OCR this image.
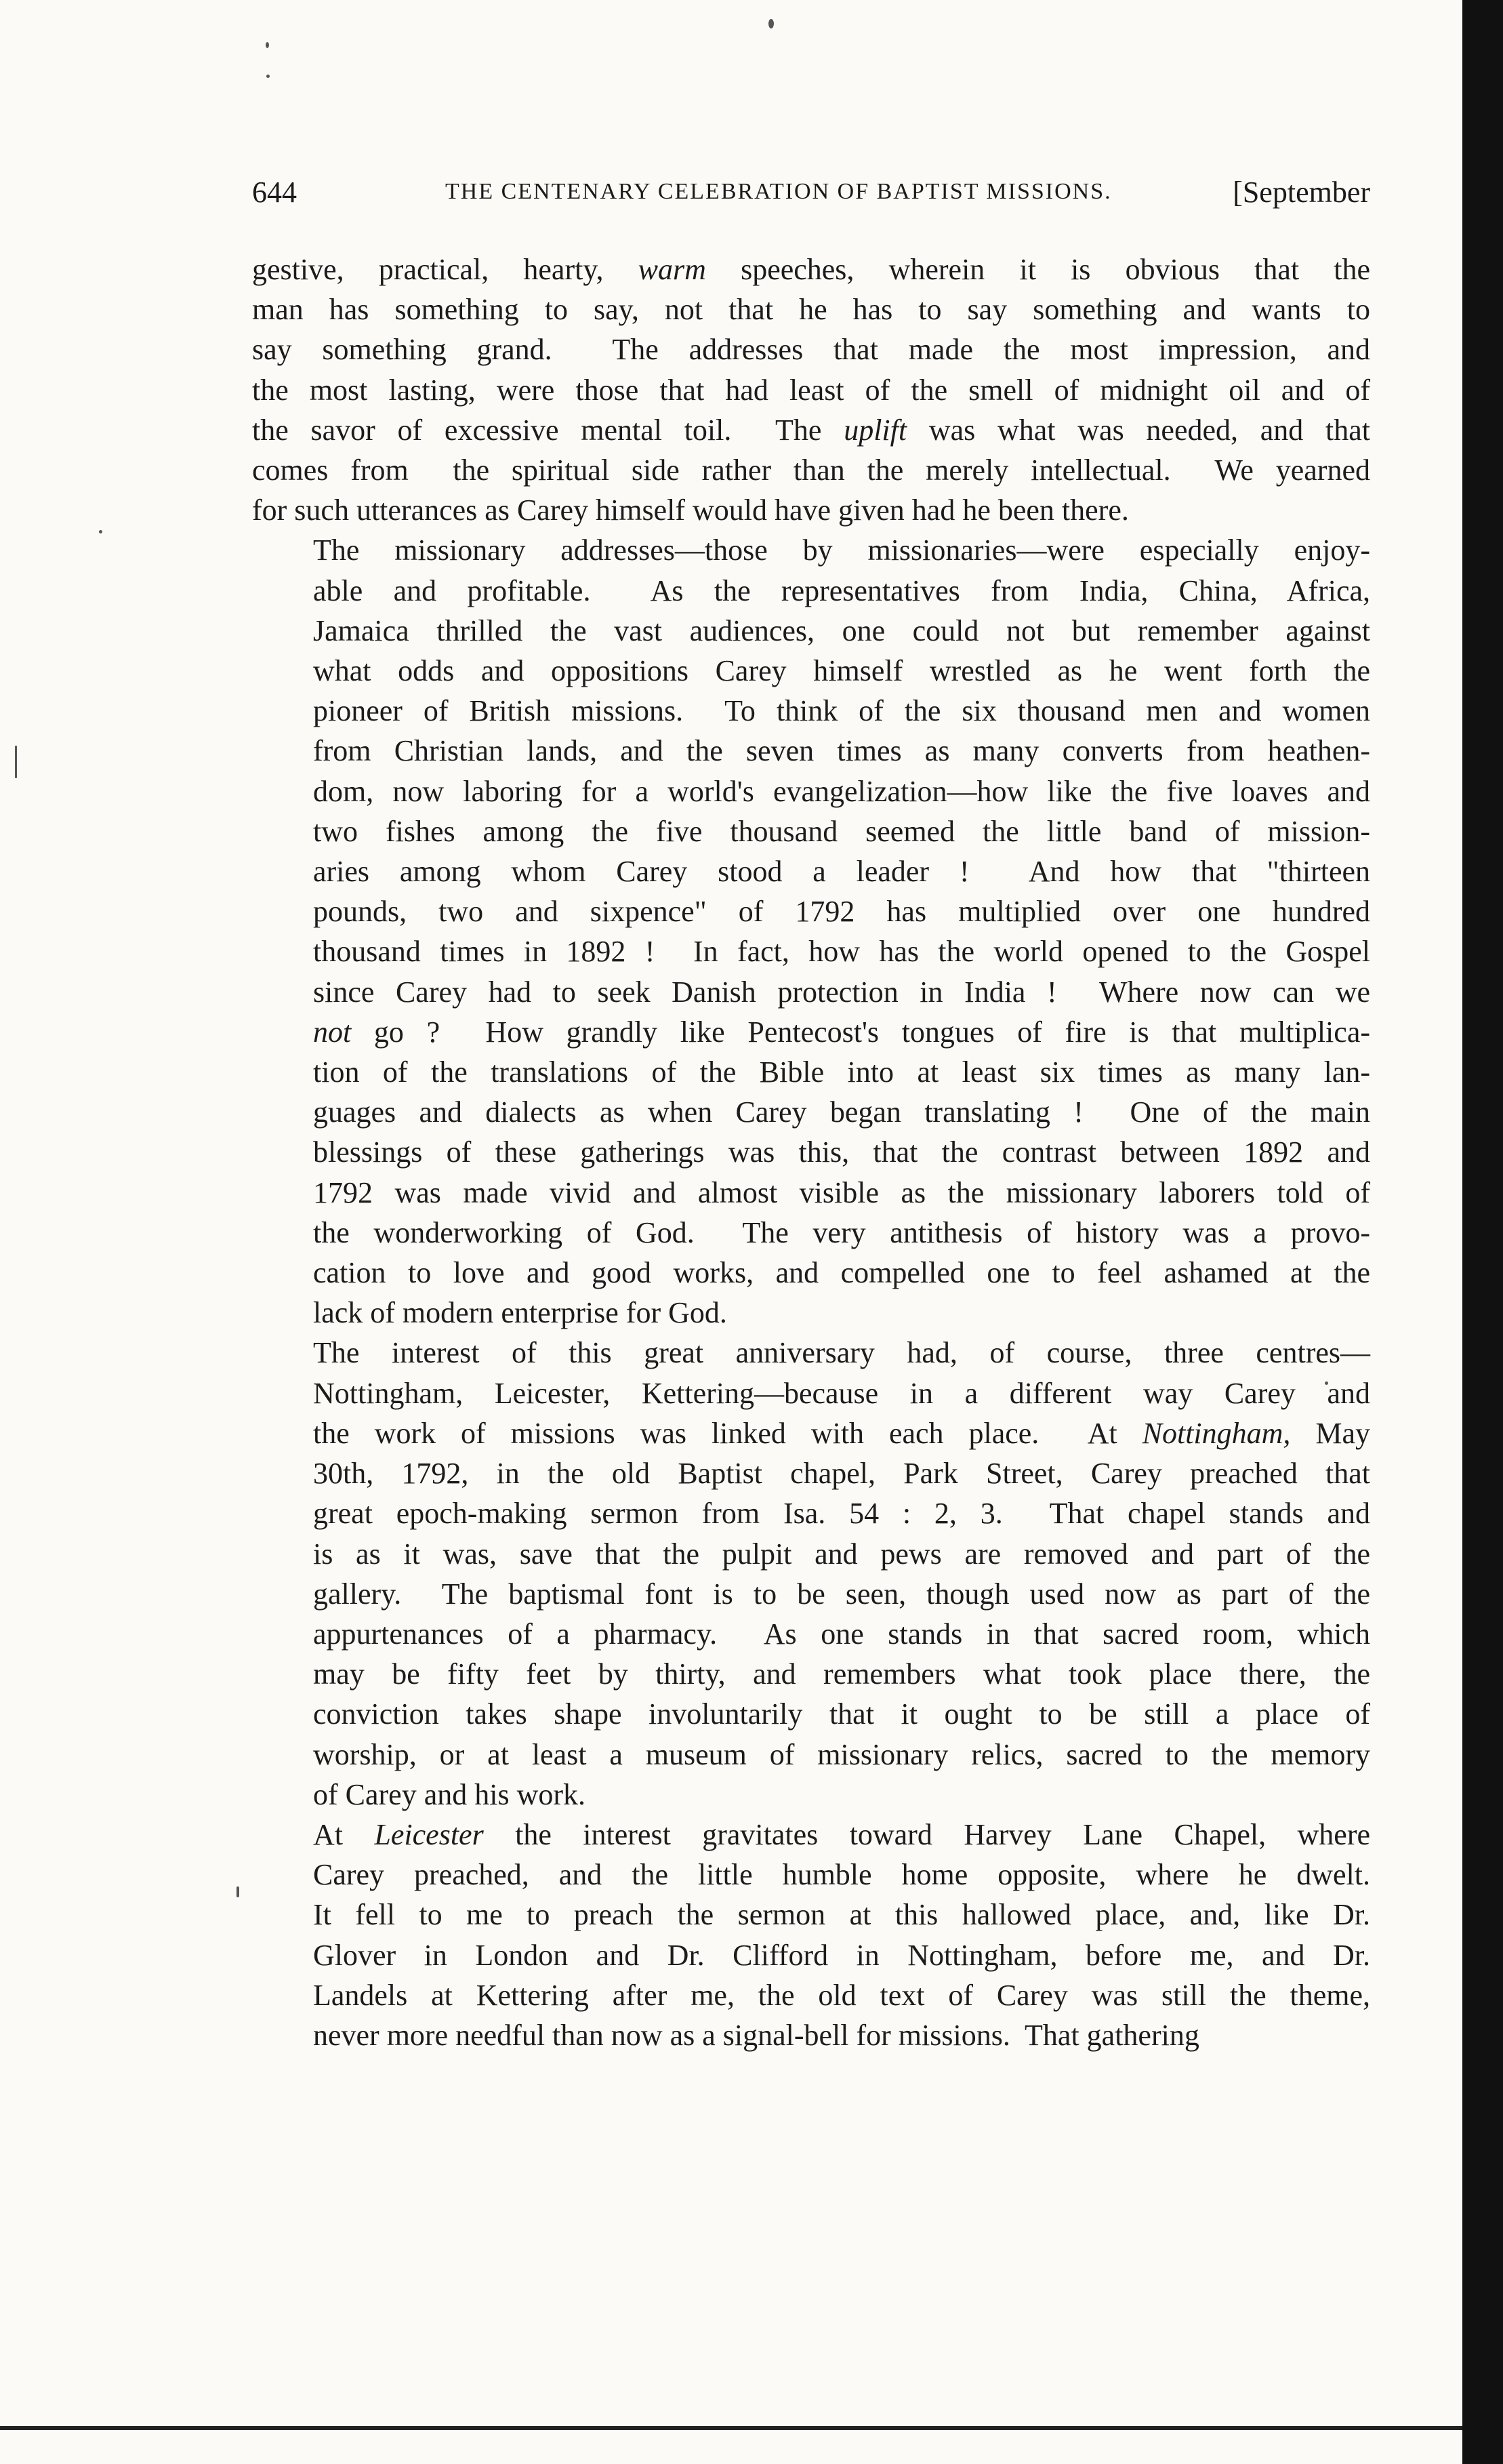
644	THE CENTENARY CELEBRATION OF BAPTIST MISSIONS.	[September

gestive, practical, hearty, warm speeches, wherein it is obvious that the
man has something to say, not that he has to say something and wants to
say something grand.  The addresses that made the most impression, and
the most lasting, were those that had least of the smell of midnight oil and of
the savor of excessive mental toil.  The uplift was what was needed, and that
comes from  the spiritual side rather than the merely intellectual.  We yearned
for such utterances as Carey himself would have given had he been there.

The missionary addresses—those by missionaries—were especially enjoy-
able and profitable.  As the representatives from India, China, Africa,
Jamaica thrilled the vast audiences, one could not but remember against
what odds and oppositions Carey himself wrestled as he went forth the
pioneer of British missions.  To think of the six thousand men and women
from Christian lands, and the seven times as many converts from heathen-
dom, now laboring for a world's evangelization—how like the five loaves and
two fishes among the five thousand seemed the little band of mission-
aries among whom Carey stood a leader !  And how that "thirteen
pounds, two and sixpence" of 1792 has multiplied over one hundred
thousand times in 1892 !  In fact, how has the world opened to the Gospel
since Carey had to seek Danish protection in India !  Where now can we
not go ?  How grandly like Pentecost's tongues of fire is that multiplica-
tion of the translations of the Bible into at least six times as many lan-
guages and dialects as when Carey began translating !  One of the main
blessings of these gatherings was this, that the contrast between 1892 and
1792 was made vivid and almost visible as the missionary laborers told of
the wonderworking of God.  The very antithesis of history was a provo-
cation to love and good works, and compelled one to feel ashamed at the
lack of modern enterprise for God.

The interest of this great anniversary had, of course, three centres—
Nottingham, Leicester, Kettering—because in a different way Carey and
the work of missions was linked with each place.  At Nottingham, May
30th, 1792, in the old Baptist chapel, Park Street, Carey preached that
great epoch-making sermon from Isa. 54 : 2, 3.  That chapel stands and
is as it was, save that the pulpit and pews are removed and part of the
gallery.  The baptismal font is to be seen, though used now as part of the
appurtenances of a pharmacy.  As one stands in that sacred room, which
may be fifty feet by thirty, and remembers what took place there, the
conviction takes shape involuntarily that it ought to be still a place of
worship, or at least a museum of missionary relics, sacred to the memory
of Carey and his work.

At Leicester the interest gravitates toward Harvey Lane Chapel, where
Carey preached, and the little humble home opposite, where he dwelt.
It fell to me to preach the sermon at this hallowed place, and, like Dr.
Glover in London and Dr. Clifford in Nottingham, before me, and Dr.
Landels at Kettering after me, the old text of Carey was still the theme,
never more needful than now as a signal-bell for missions.  That gathering
